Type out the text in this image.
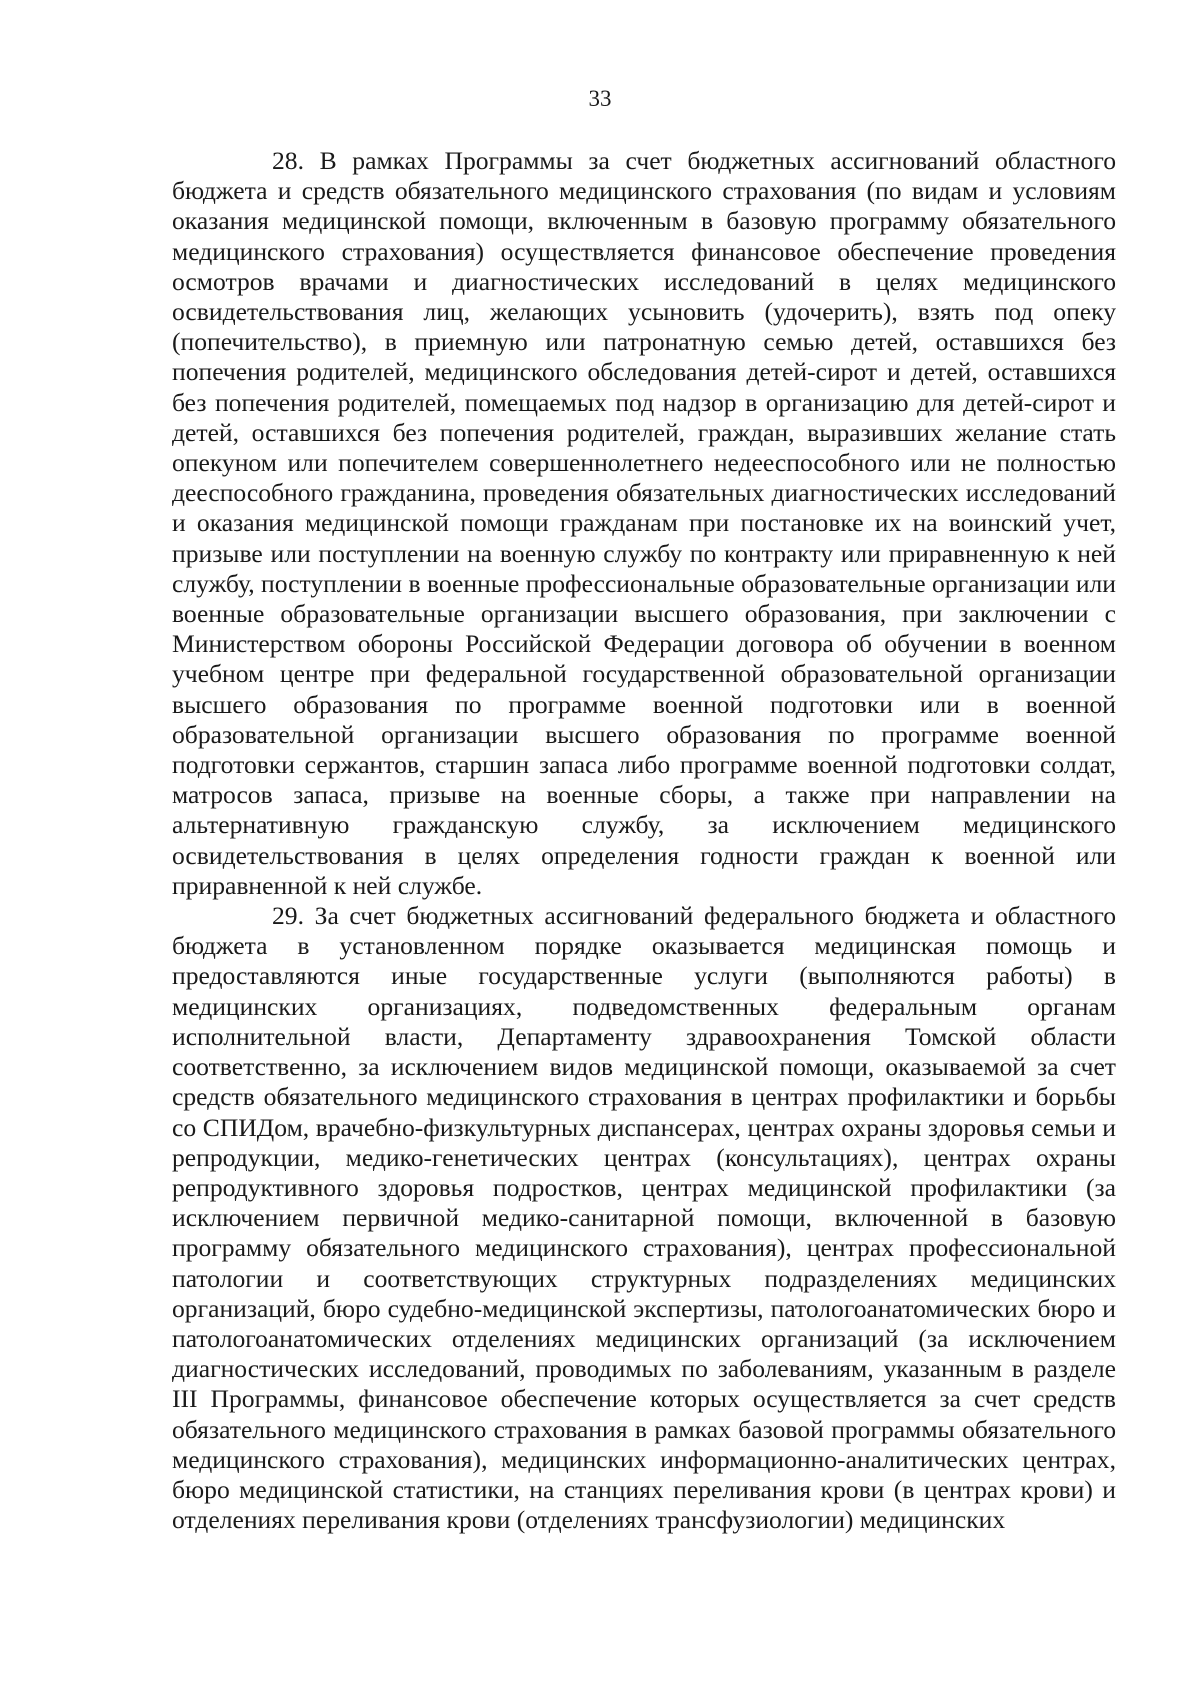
33

28. В рамках Программы за счет бюджетных ассигнований областного бюджета и средств обязательного медицинского страхования (по видам и условиям оказания медицинской помощи, включенным в базовую программу обязательного медицинского страхования) осуществляется финансовое обеспечение проведения осмотров врачами и диагностических исследований в целях медицинского освидетельствования лиц, желающих усыновить (удочерить), взять под опеку (попечительство), в приемную или патронатную семью детей, оставшихся без попечения родителей, медицинского обследования детей-сирот и детей, оставшихся без попечения родителей, помещаемых под надзор в организацию для детей-сирот и детей, оставшихся без попечения родителей, граждан, выразивших желание стать опекуном или попечителем совершеннолетнего недееспособного или не полностью дееспособного гражданина, проведения обязательных диагностических исследований и оказания медицинской помощи гражданам при постановке их на воинский учет, призыве или поступлении на военную службу по контракту или приравненную к ней службу, поступлении в военные профессиональные образовательные организации или военные образовательные организации высшего образования, при заключении с Министерством обороны Российской Федерации договора об обучении в военном учебном центре при федеральной государственной образовательной организации высшего образования по программе военной подготовки или в военной образовательной организации высшего образования по программе военной подготовки сержантов, старшин запаса либо программе военной подготовки солдат, матросов запаса, призыве на военные сборы, а также при направлении на альтернативную гражданскую службу, за исключением медицинского освидетельствования в целях определения годности граждан к военной или приравненной к ней службе.

29. За счет бюджетных ассигнований федерального бюджета и областного бюджета в установленном порядке оказывается медицинская помощь и предоставляются иные государственные услуги (выполняются работы) в медицинских организациях, подведомственных федеральным органам исполнительной власти, Департаменту здравоохранения Томской области соответственно, за исключением видов медицинской помощи, оказываемой за счет средств обязательного медицинского страхования в центрах профилактики и борьбы со СПИДом, врачебно-физкультурных диспансерах, центрах охраны здоровья семьи и репродукции, медико-генетических центрах (консультациях), центрах охраны репродуктивного здоровья подростков, центрах медицинской профилактики (за исключением первичной медико-санитарной помощи, включенной в базовую программу обязательного медицинского страхования), центрах профессиональной патологии и соответствующих структурных подразделениях медицинских организаций, бюро судебно-медицинской экспертизы, патологоанатомических бюро и патологоанатомических отделениях медицинских организаций (за исключением диагностических исследований, проводимых по заболеваниям, указанным в разделе III Программы, финансовое обеспечение которых осуществляется за счет средств обязательного медицинского страхования в рамках базовой программы обязательного медицинского страхования), медицинских информационно-аналитических центрах, бюро медицинской статистики, на станциях переливания крови (в центрах крови) и отделениях переливания крови (отделениях трансфузиологии) медицинских
